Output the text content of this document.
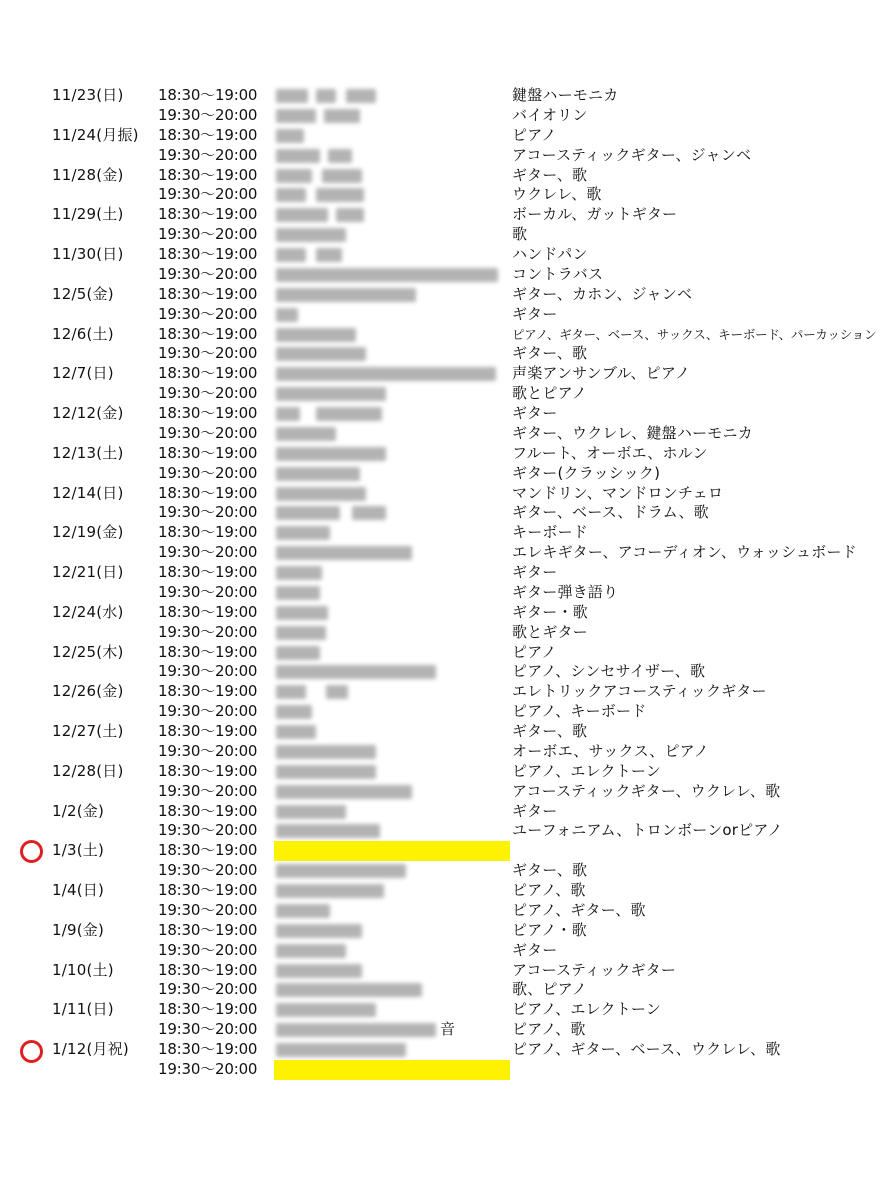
11/23(日)	18:30～19:00	鍵盤ハーモニカ
19:30～20:00	バイオリン
11/24(月振)	18:30～19:00	ピアノ
19:30～20:00	アコースティックギター、ジャンベ
11/28(金)	18:30～19:00	ギター、歌
19:30～20:00	ウクレレ、歌
11/29(土)	18:30～19:00	ボーカル、ガットギター
19:30～20:00	歌
11/30(日)	18:30～19:00	ハンドパン
19:30～20:00	コントラバス
12/5(金)	18:30～19:00	ギター、カホン、ジャンベ
19:30～20:00	ギター
12/6(土)	18:30～19:00	ピアノ、ギター、ベース、サックス、キーボード、パーカッション
19:30～20:00	ギター、歌
12/7(日)	18:30～19:00	声楽アンサンブル、ピアノ
19:30～20:00	歌とピアノ
12/12(金)	18:30～19:00	ギター
19:30～20:00	ギター、ウクレレ、鍵盤ハーモニカ
12/13(土)	18:30～19:00	フルート、オーボエ、ホルン
19:30～20:00	ギター(クラッシック)
12/14(日)	18:30～19:00	マンドリン、マンドロンチェロ
19:30～20:00	ギター、ベース、ドラム、歌
12/19(金)	18:30～19:00	キーボード
19:30～20:00	エレキギター、アコーディオン、ウォッシュボード
12/21(日)	18:30～19:00	ギター
19:30～20:00	ギター弾き語り
12/24(水)	18:30～19:00	ギター・歌
19:30～20:00	歌とギター
12/25(木)	18:30～19:00	ピアノ
19:30～20:00	ピアノ、シンセサイザー、歌
12/26(金)	18:30～19:00	エレトリックアコースティックギター
19:30～20:00	ピアノ、キーボード
12/27(土)	18:30～19:00	ギター、歌
19:30～20:00	オーボエ、サックス、ピアノ
12/28(日)	18:30～19:00	ピアノ、エレクトーン
19:30～20:00	アコースティックギター、ウクレレ、歌
1/2(金)	18:30～19:00	ギター
19:30～20:00	ユーフォニアム、トロンボーンorピアノ
1/3(土)	18:30～19:00
19:30～20:00	ギター、歌
1/4(日)	18:30～19:00	ピアノ、歌
19:30～20:00	ピアノ、ギター、歌
1/9(金)	18:30～19:00	ピアノ・歌
19:30～20:00	ギター
1/10(土)	18:30～19:00	アコースティックギター
19:30～20:00	歌、ピアノ
1/11(日)	18:30～19:00	ピアノ、エレクトーン
19:30～20:00	音	ピアノ、歌
1/12(月祝)	18:30～19:00	ピアノ、ギター、ベース、ウクレレ、歌
19:30～20:00
